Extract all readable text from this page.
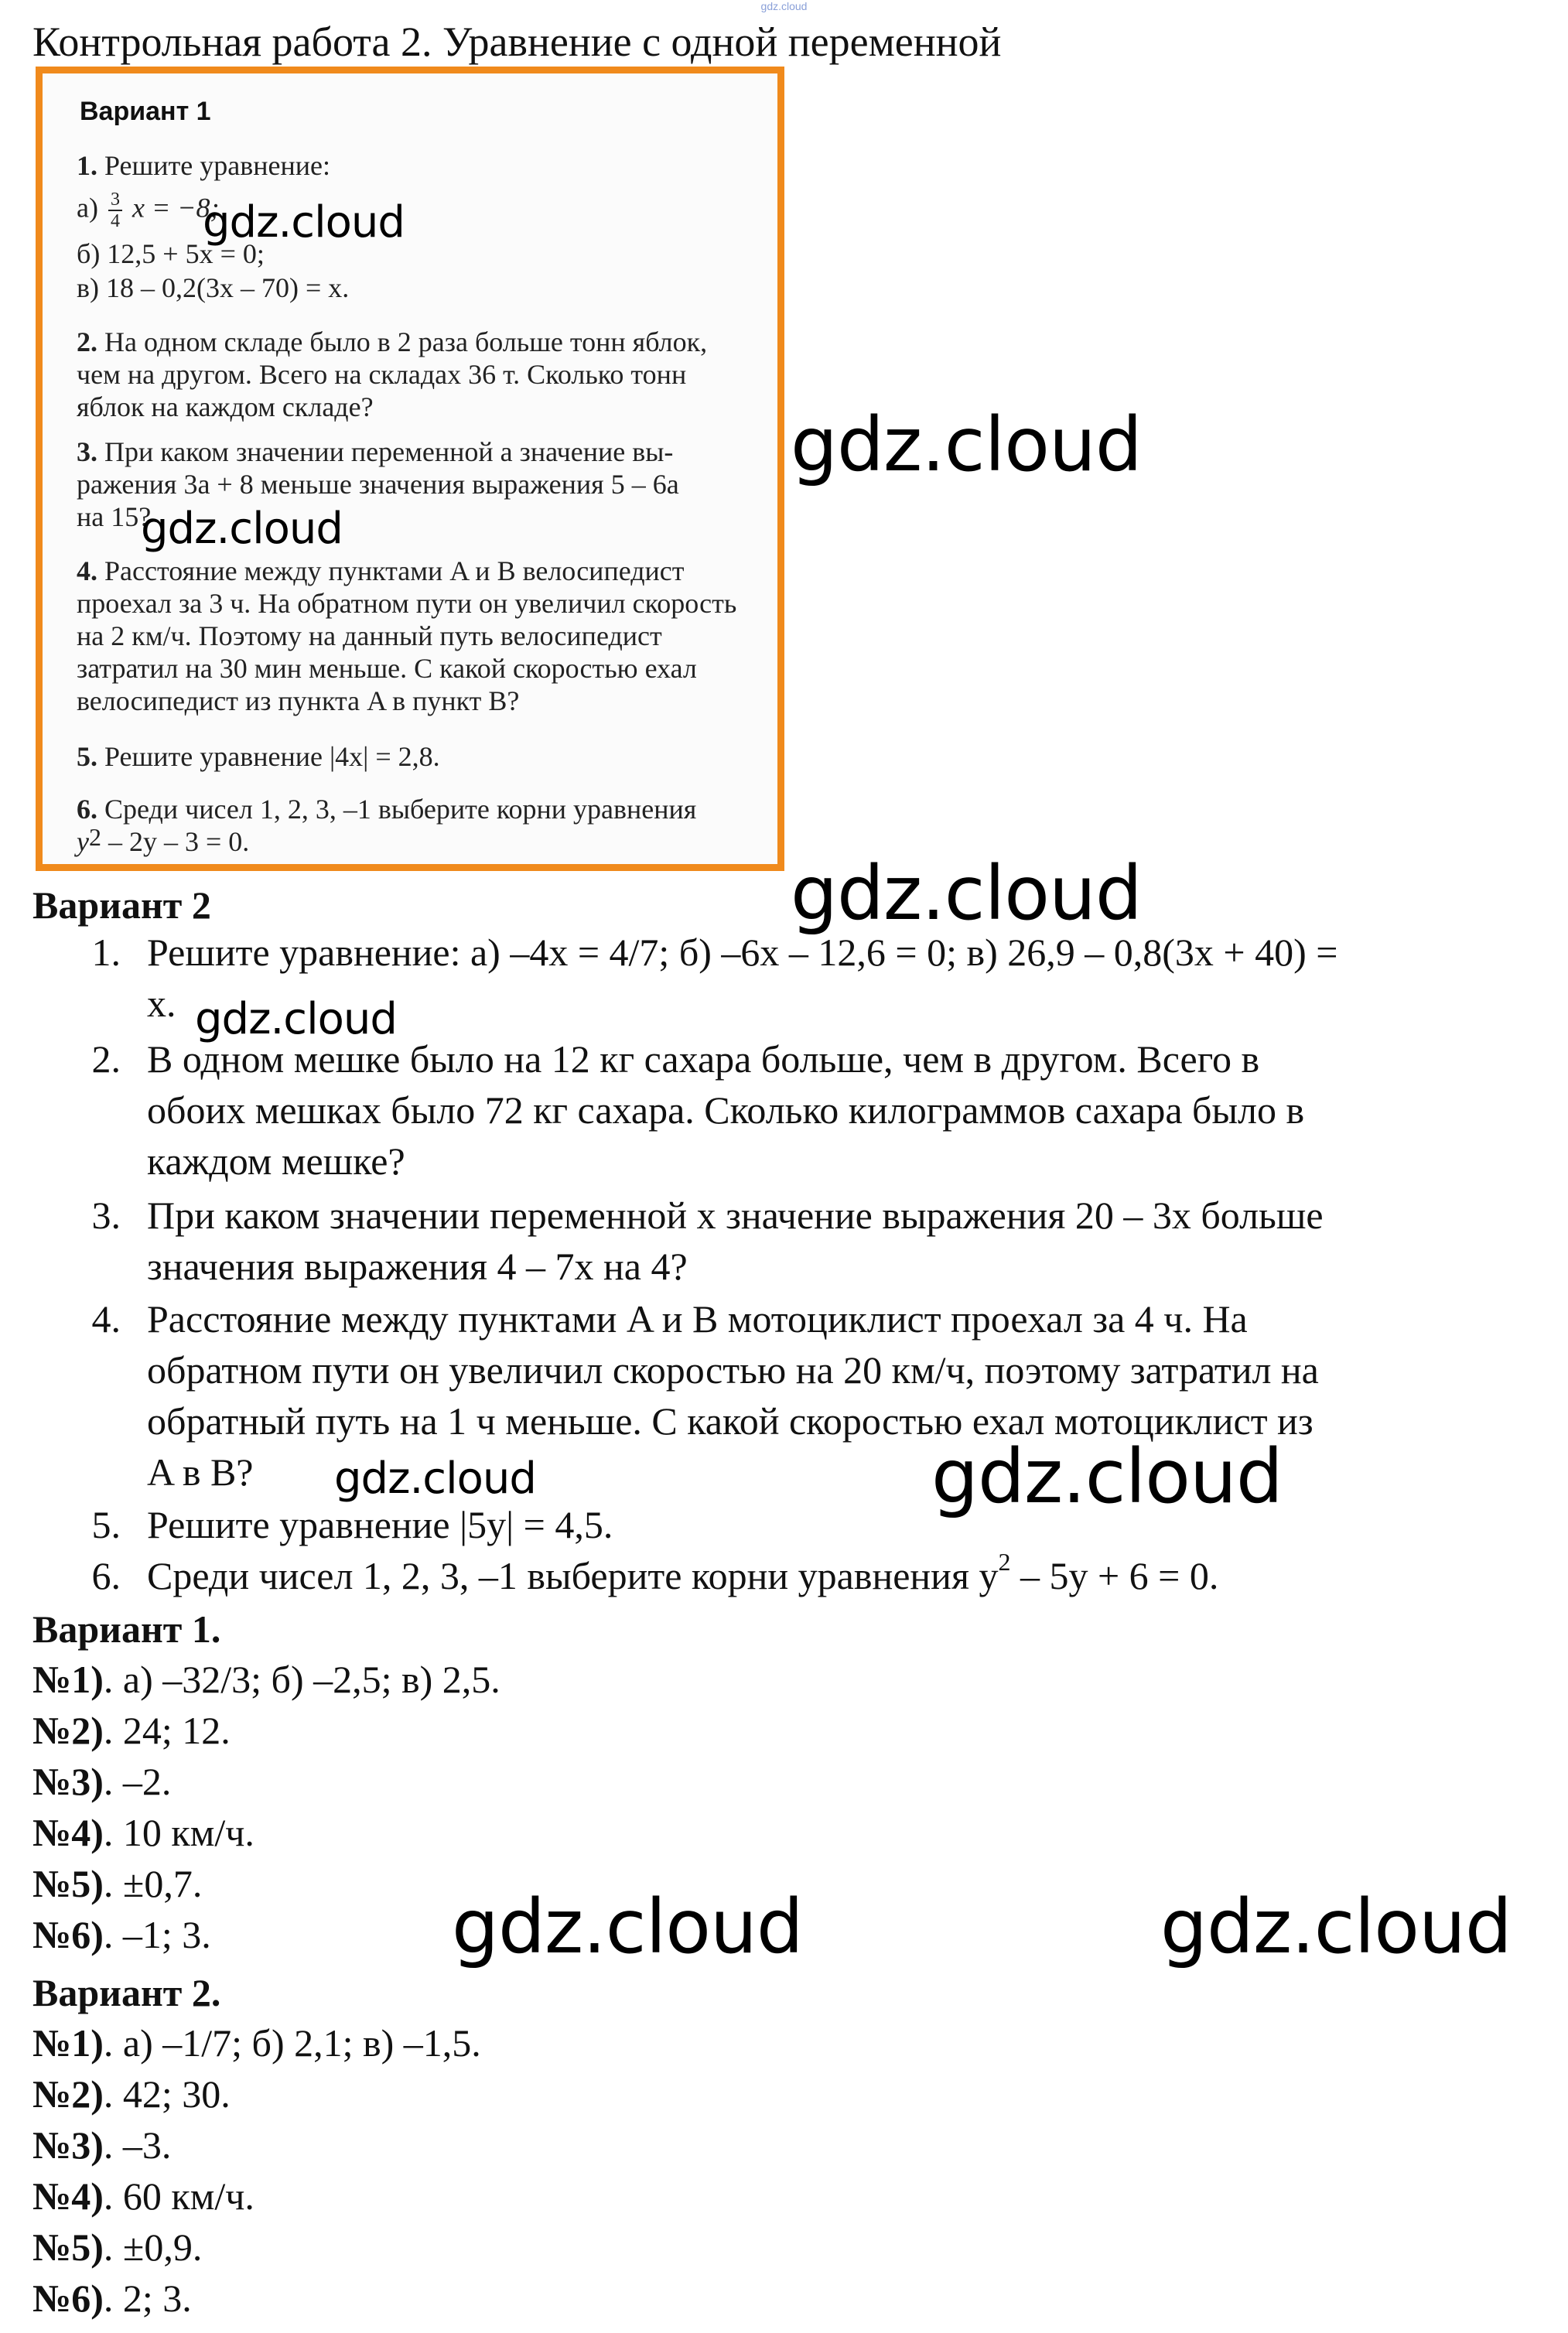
gdz.cloud
Контрольная работа 2. Уравнение с одной переменной
Вариант 1
1. Решите уравнение:
$а) \frac{3}{4}$ x = −8;
б) 12,5 + 5x = 0;
в) 18 – 0,2(3x – 70) = x.
2. На одном складе было в 2 раза больше тонн яблок,
чем на другом. Всего на складах 36 т. Сколько тонн
яблок на каждом складе?
3. При каком значении переменной a значение вы-
ражения 3a + 8 меньше значения выражения 5 – 6a
на 15?
4. Расстояние между пунктами A и B велосипедист
проехал за 3 ч. На обратном пути он увеличил скорость
на 2 км/ч. Поэтому на данный путь велосипедист
затратил на 30 мин меньше. С какой скоростью ехал
велосипедист из пункта A в пункт B?
5. Решите уравнение |4x| = 2,8.
6. Среди чисел 1, 2, 3, –1 выберите корни уравнения
$y^2 - 2y - 3 = 0$.
Вариант 2
1. Решите уравнение: а) –4x = 4/7; б) –6x – 12,6 = 0; в) 26,9 – 0,8(3x + 40) =
x.
2. В одном мешке было на 12 кг сахара больше, чем в другом. Всего в
обоих мешках было 72 кг сахара. Сколько килограммов сахара было в
каждом мешке?
3. При каком значении переменной x значение выражения 20 – 3x больше
значения выражения 4 – 7x на 4?
4. Расстояние между пунктами A и B мотоциклист проехал за 4 ч. На
обратном пути он увеличил скоростью на 20 км/ч, поэтому затратил на
обратный путь на 1 ч меньше. С какой скоростью ехал мотоциклист из
A в B?
5. Решите уравнение |5y| = 4,5.
6. Среди чисел 1, 2, 3, –1 выберите корни уравнения $y^2 - 5y + 6 = 0$.
Вариант 1.
№1). а) –32/3; б) –2,5; в) 2,5.
№2). 24; 12.
№3). –2.
№4). 10 км/ч.
№5). ±0,7.
№6). –1; 3.
Вариант 2.
№1). а) –1/7; б) 2,1; в) –1,5.
№2). 42; 30.
№3). –3.
№4). 60 км/ч.
№5). ±0,9.
№6). 2; 3.
gdz.cloud
gdz.cloud
gdz.cloud
gdz.cloud
gdz.cloud
gdz.cloud	gdz.cloud
gdz.cloud	gdz.cloud
